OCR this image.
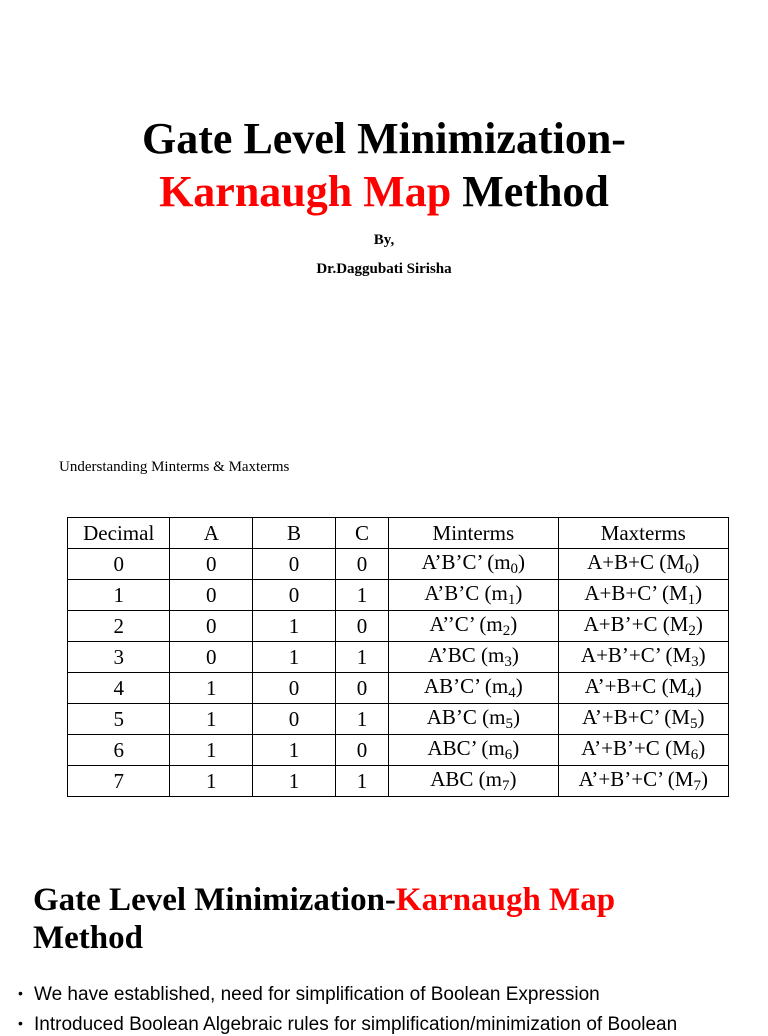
Gate Level Minimization-
Karnaugh Map Method
By,
Dr.Daggubati Sirisha
Understanding Minterms & Maxterms
Decimal	A	B	C	Minterms	Maxterms
0	0	0	0	A’B’C’ $(m_0)$	A+B+C $(M_0)$
1	0	0	1	A’B’C $(m_1)$	A+B+C’ $(M_1)$
2	0	1	0	A’’C’ $(m_2)$	A+B’+C $(M_2)$
3	0	1	1	A’BC $(m_3)$	A+B’+C’ $(M_3)$
4	1	0	0	AB’C’ $(m_4)$	A’+B+C $(M_4)$
5	1	0	1	AB’C $(m_5)$	A’+B+C’ $(M_5)$
6	1	1	0	ABC’ $(m_6)$	A’+B’+C $(M_6)$
7	1	1	1	ABC $(m_7)$	A’+B’+C’ $(M_7)$
Gate Level Minimization-Karnaugh Map
Method
• We have established, need for simplification of Boolean Expression
• Introduced Boolean Algebraic rules for simplification/minimization of Boolean
